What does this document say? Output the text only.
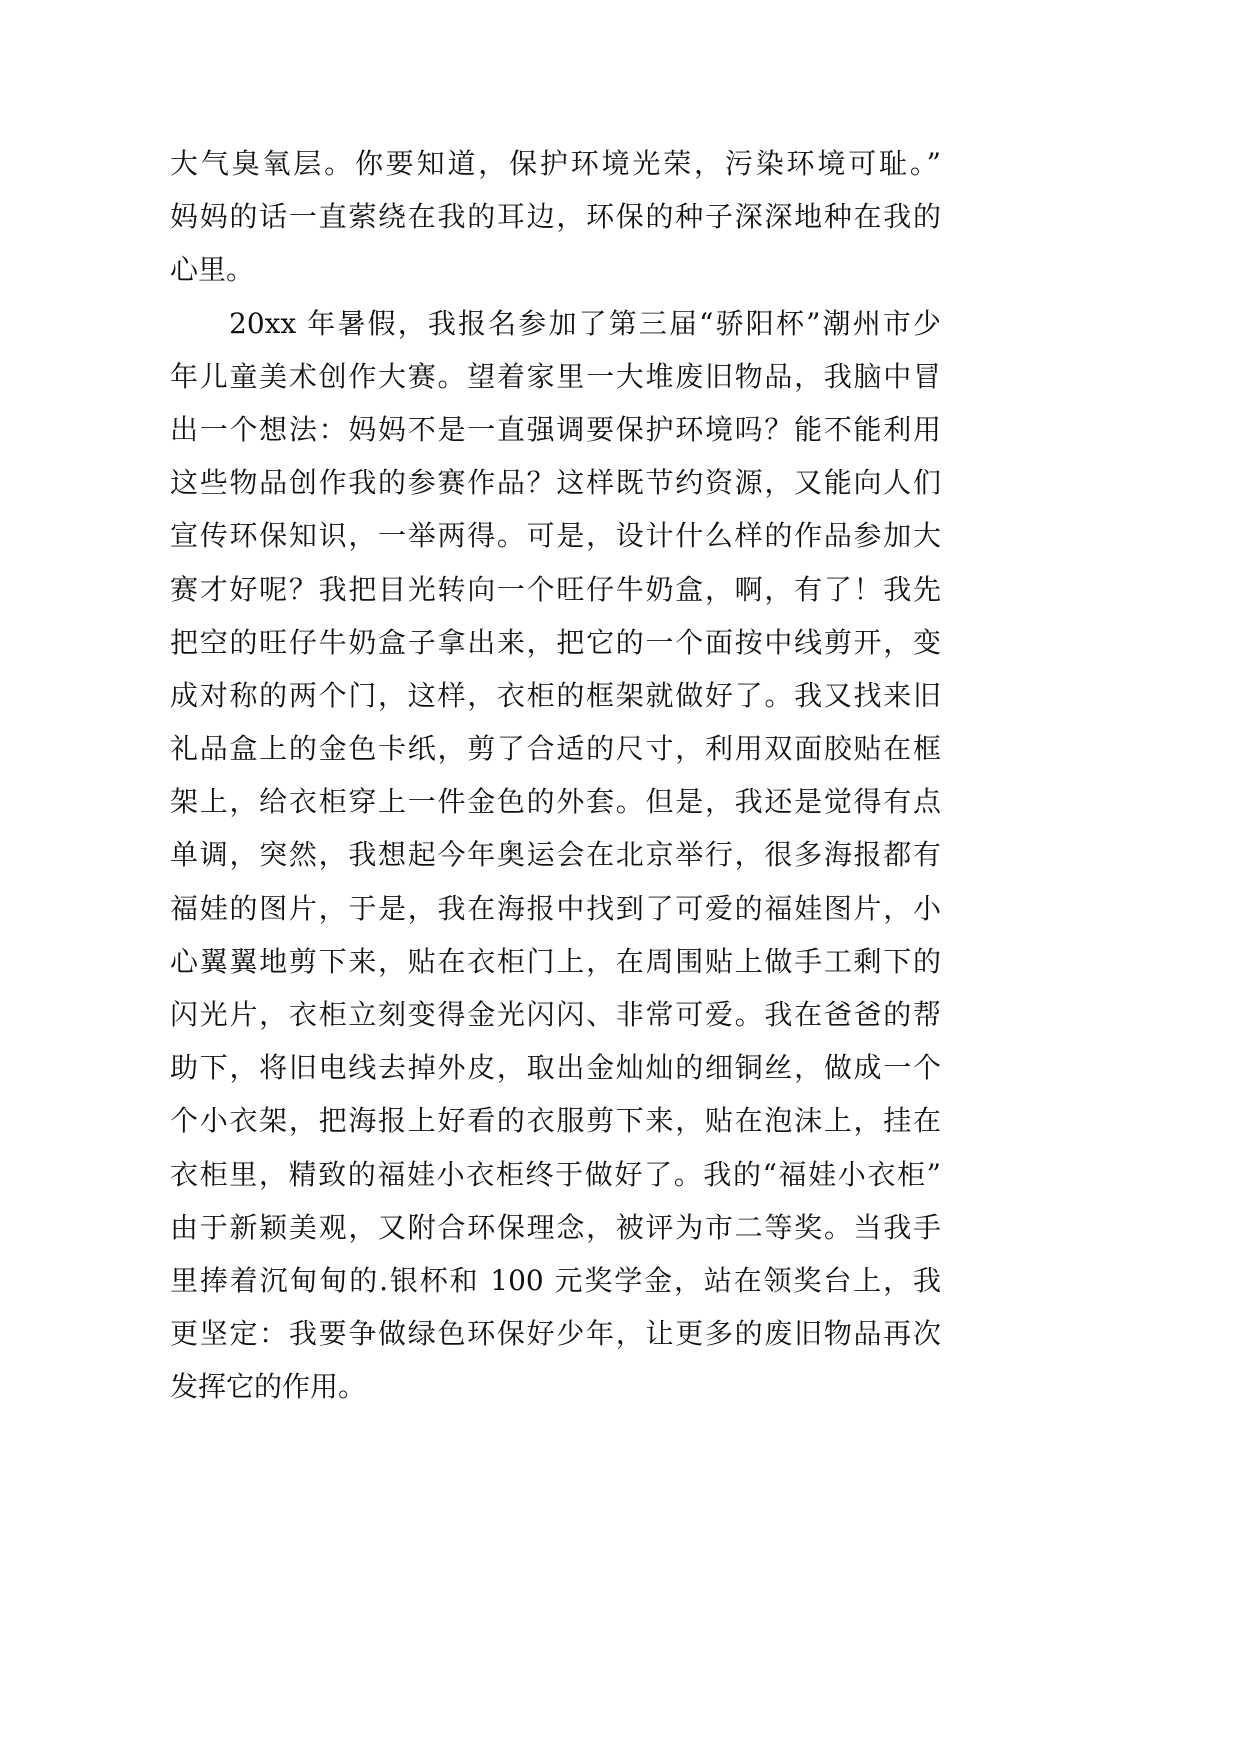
大气臭氧层。你要知道，保护环境光荣，污染环境可耻。”
妈妈的话一直萦绕在我的耳边，环保的种子深深地种在我的
心里。
20xx 年暑假，我报名参加了第三届“骄阳杯”潮州市少
年儿童美术创作大赛。望着家里一大堆废旧物品，我脑中冒
出一个想法：妈妈不是一直强调要保护环境吗？能不能利用
这些物品创作我的参赛作品？这样既节约资源，又能向人们
宣传环保知识，一举两得。可是，设计什么样的作品参加大
赛才好呢？我把目光转向一个旺仔牛奶盒，啊，有了！我先
把空的旺仔牛奶盒子拿出来，把它的一个面按中线剪开，变
成对称的两个门，这样，衣柜的框架就做好了。我又找来旧
礼品盒上的金色卡纸，剪了合适的尺寸，利用双面胶贴在框
架上，给衣柜穿上一件金色的外套。但是，我还是觉得有点
单调，突然，我想起今年奥运会在北京举行，很多海报都有
福娃的图片，于是，我在海报中找到了可爱的福娃图片，小
心翼翼地剪下来，贴在衣柜门上，在周围贴上做手工剩下的
闪光片，衣柜立刻变得金光闪闪、非常可爱。我在爸爸的帮
助下，将旧电线去掉外皮，取出金灿灿的细铜丝，做成一个
个小衣架，把海报上好看的衣服剪下来，贴在泡沫上，挂在
衣柜里，精致的福娃小衣柜终于做好了。我的“福娃小衣柜”
由于新颖美观，又附合环保理念，被评为市二等奖。当我手
里捧着沉甸甸的.银杯和 100 元奖学金，站在领奖台上，我
更坚定：我要争做绿色环保好少年，让更多的废旧物品再次
发挥它的作用。
